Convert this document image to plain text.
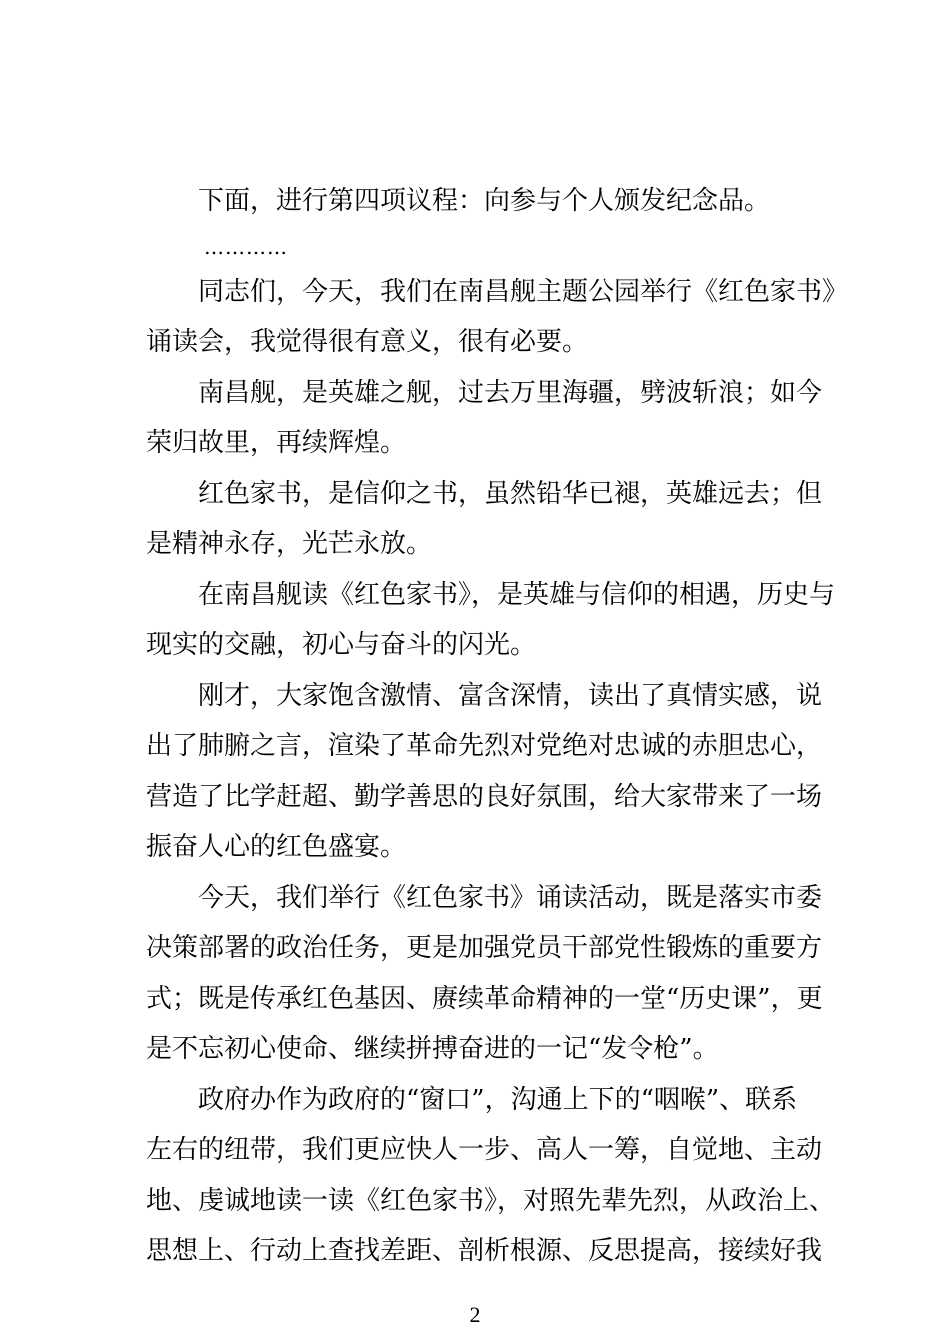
下面，进行第四项议程：向参与个人颁发纪念品。
…………
同志们，今天，我们在南昌舰主题公园举行《红色家书》
诵读会，我觉得很有意义，很有必要。
南昌舰，是英雄之舰，过去万里海疆，劈波斩浪；如今
荣归故里，再续辉煌。
红色家书，是信仰之书，虽然铅华已褪，英雄远去；但
是精神永存，光芒永放。
在南昌舰读《红色家书》，是英雄与信仰的相遇，历史与
现实的交融，初心与奋斗的闪光。
刚才，大家饱含激情、富含深情，读出了真情实感，说
出了肺腑之言，渲染了革命先烈对党绝对忠诚的赤胆忠心，
营造了比学赶超、勤学善思的良好氛围，给大家带来了一场
振奋人心的红色盛宴。
今天，我们举行《红色家书》诵读活动，既是落实市委
决策部署的政治任务，更是加强党员干部党性锻炼的重要方
式；既是传承红色基因、赓续革命精神的一堂“历史课”，更
是不忘初心使命、继续拼搏奋进的一记“发令枪”。
政府办作为政府的“窗口”，沟通上下的“咽喉”、联系
左右的纽带，我们更应快人一步、高人一筹，自觉地、主动
地、虔诚地读一读《红色家书》，对照先辈先烈，从政治上、
思想上、行动上查找差距、剖析根源、反思提高，接续好我
2
